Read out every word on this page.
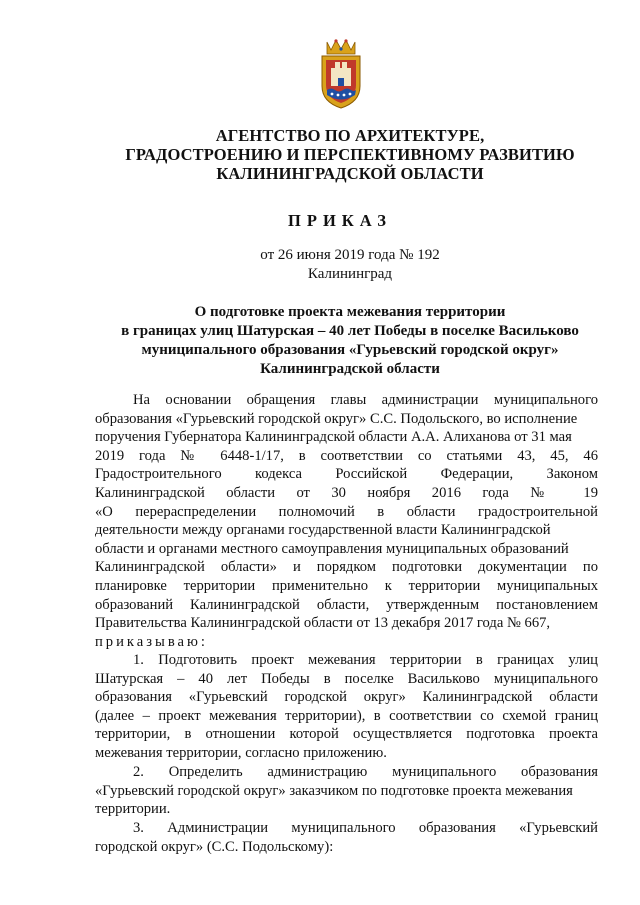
АГЕНТСТВО ПО АРХИТЕКТУРЕ,
ГРАДОСТРОЕНИЮ И ПЕРСПЕКТИВНОМУ РАЗВИТИЮ
КАЛИНИНГРАДСКОЙ ОБЛАСТИ
ПРИКАЗ
от 26 июня 2019 года № 192
Калининград
О подготовке проекта межевания территории
в границах улиц Шатурская – 40 лет Победы в поселке Васильково
муниципального образования «Гурьевский городской округ»
Калининградской области
На основании обращения главы администрации муниципального
образования «Гурьевский городской округ» С.С. Подольского, во исполнение
поручения Губернатора Калининградской области А.А. Алиханова от 31 мая
2019 года № 6448-1/17, в соответствии со статьями 43, 45, 46
Градостроительного кодекса Российской Федерации, Законом
Калининградской области от 30 ноября 2016 года № 19
«О перераспределении полномочий в области градостроительной
деятельности между органами государственной власти Калининградской
области и органами местного самоуправления муниципальных образований
Калининградской области» и порядком подготовки документации по
планировке территории применительно к территории муниципальных
образований Калининградской области, утвержденным постановлением
Правительства Калининградской области от 13 декабря 2017 года № 667,
приказываю:
1. Подготовить проект межевания территории в границах улиц
Шатурская – 40 лет Победы в поселке Васильково муниципального
образования «Гурьевский городской округ» Калининградской области
(далее – проект межевания территории), в соответствии со схемой границ
территории, в отношении которой осуществляется подготовка проекта
межевания территории, согласно приложению.
2. Определить администрацию муниципального образования
«Гурьевский городской округ» заказчиком по подготовке проекта межевания
территории.
3. Администрации муниципального образования «Гурьевский
городской округ» (С.С. Подольскому):
